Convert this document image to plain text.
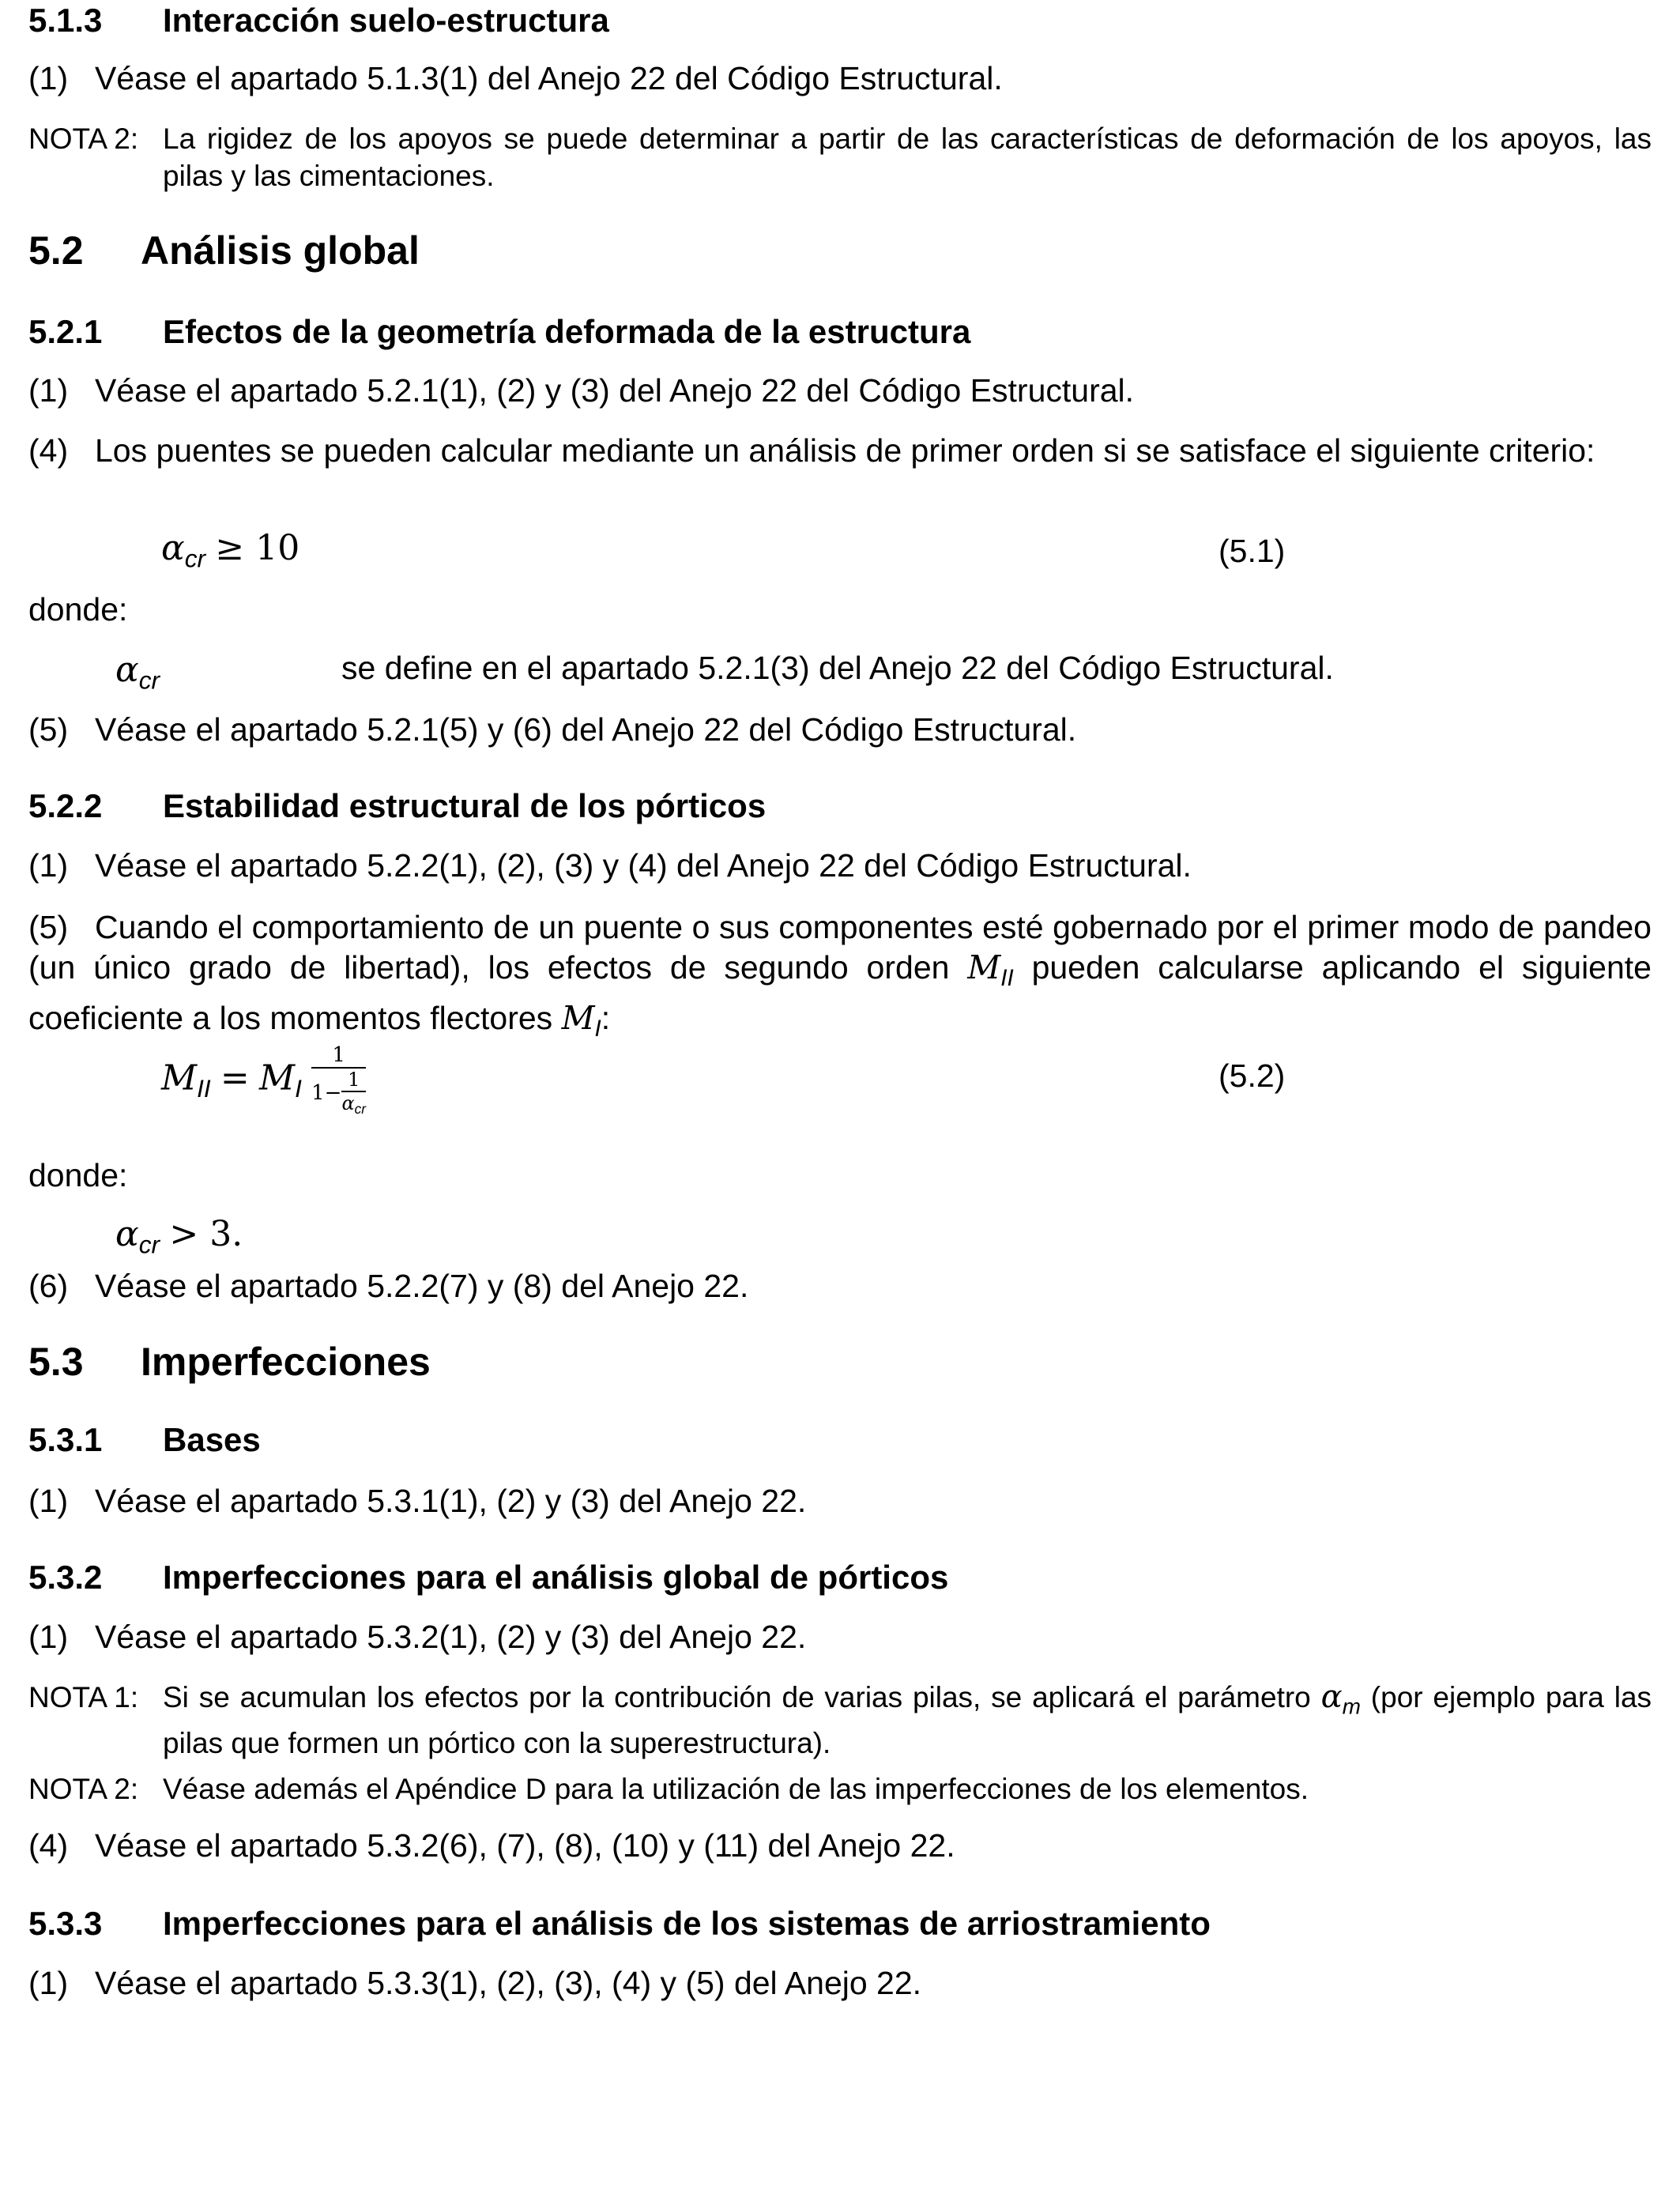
5.1.3 Interacción suelo-estructura
(1) Véase el apartado 5.1.3(1) del Anejo 22 del Código Estructural.
NOTA 2: La rigidez de los apoyos se puede determinar a partir de las características de deformación de los apoyos, las pilas y las cimentaciones.
5.2 Análisis global
5.2.1 Efectos de la geometría deformada de la estructura
(1) Véase el apartado 5.2.1(1), (2) y (3) del Anejo 22 del Código Estructural.
(4) Los puentes se pueden calcular mediante un análisis de primer orden si se satisface el siguiente criterio:
$\alpha_{cr} \ge 10$	(5.1)
donde:
$\alpha_{cr}$	se define en el apartado 5.2.1(3) del Anejo 22 del Código Estructural.
(5) Véase el apartado 5.2.1(5) y (6) del Anejo 22 del Código Estructural.
5.2.2 Estabilidad estructural de los pórticos
(1) Véase el apartado 5.2.2(1), (2), (3) y (4) del Anejo 22 del Código Estructural.
(5) Cuando el comportamiento de un puente o sus componentes esté gobernado por el primer modo de pandeo (un único grado de libertad), los efectos de segundo orden $M_{II}$ pueden calcularse aplicando el siguiente coeficiente a los momentos flectores $M_I$:
$M_{II} = M_I \frac{1}{1- \frac{1}{\alpha_{cr}}}$	(5.2)
donde:
$\alpha_{cr} > 3$.
(6) Véase el apartado 5.2.2(7) y (8) del Anejo 22.
5.3 Imperfecciones
5.3.1 Bases
(1) Véase el apartado 5.3.1(1), (2) y (3) del Anejo 22.
5.3.2 Imperfecciones para el análisis global de pórticos
(1) Véase el apartado 5.3.2(1), (2) y (3) del Anejo 22.
NOTA 1: Si se acumulan los efectos por la contribución de varias pilas, se aplicará el parámetro $\alpha_m$ (por ejemplo para las pilas que formen un pórtico con la superestructura).
NOTA 2: Véase además el Apéndice D para la utilización de las imperfecciones de los elementos.
(4) Véase el apartado 5.3.2(6), (7), (8), (10) y (11) del Anejo 22.
5.3.3 Imperfecciones para el análisis de los sistemas de arriostramiento
(1) Véase el apartado 5.3.3(1), (2), (3), (4) y (5) del Anejo 22.
